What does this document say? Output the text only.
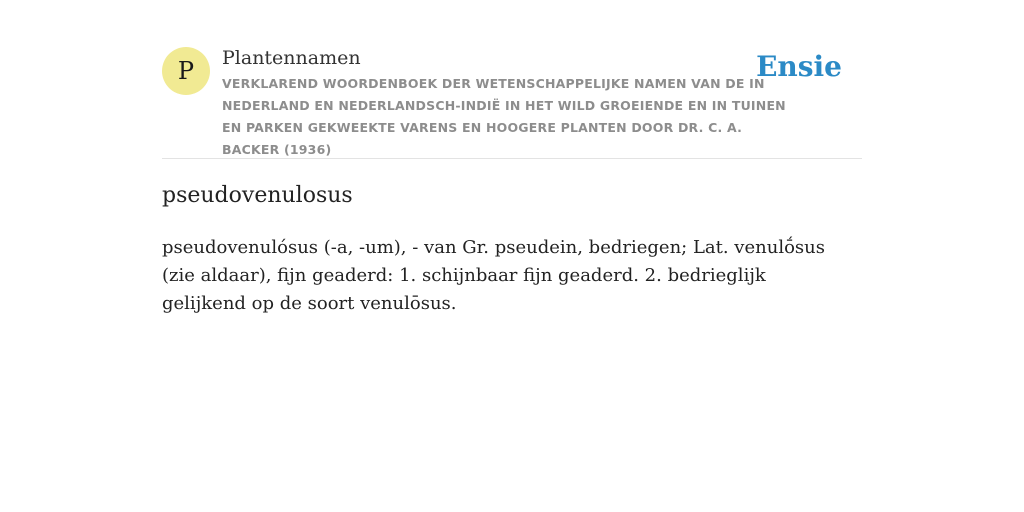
P	Plantennamen
VERKLAREND WOORDENBOEK DER WETENSCHAPPELIJKE NAMEN VAN DE IN NEDERLAND EN NEDERLANDSCH-INDIË IN HET WILD GROEIENDE EN IN TUINEN EN PARKEN GEKWEEKTE VARENS EN HOOGERE PLANTEN DOOR DR. C. A. BACKER (1936)
Ensie
pseudovenulosus

pseudovenulósus (-a, -um), - van Gr. pseudein, bedriegen; Lat. venulṓsus (zie aldaar), fijn geaderd: 1. schijnbaar fijn geaderd. 2. bedrieglijk gelijkend op de soort venulōsus.
